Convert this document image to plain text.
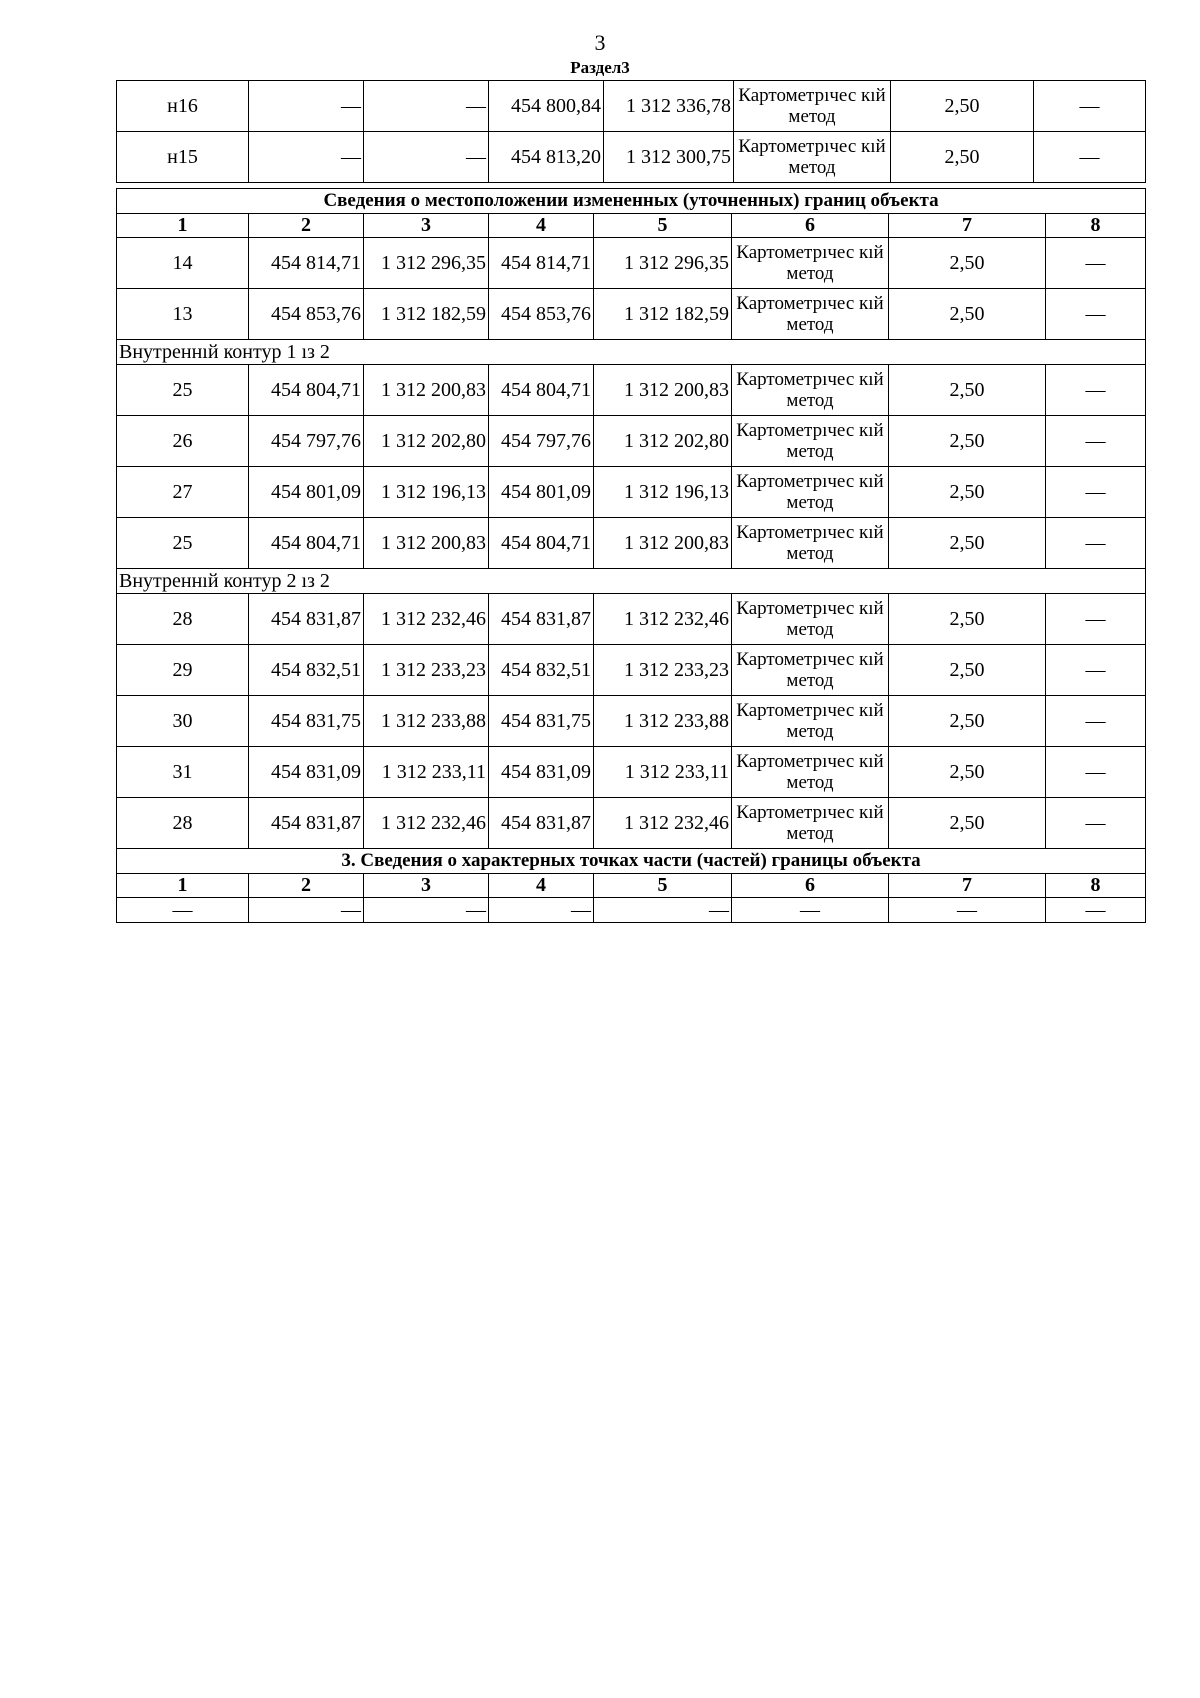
3
Раздел3
н16	—	—	454 800,84	1 312 336,78	Картометрıчес кıй метод	2,50	—
н15	—	—	454 813,20	1 312 300,75	Картометрıчес кıй метод	2,50	—
Сведения о местоположении измененных (уточненных) границ объекта							
1	2	3	4	5	6	7	8
14	454 814,71	1 312 296,35	454 814,71	1 312 296,35	Картометрıчес кıй метод	2,50	—
13	454 853,76	1 312 182,59	454 853,76	1 312 182,59	Картометрıчес кıй метод	2,50	—
Внутреннıй контур 1 ıз 2							
25	454 804,71	1 312 200,83	454 804,71	1 312 200,83	Картометрıчес кıй метод	2,50	—
26	454 797,76	1 312 202,80	454 797,76	1 312 202,80	Картометрıчес кıй метод	2,50	—
27	454 801,09	1 312 196,13	454 801,09	1 312 196,13	Картометрıчес кıй метод	2,50	—
25	454 804,71	1 312 200,83	454 804,71	1 312 200,83	Картометрıчес кıй метод	2,50	—
Внутреннıй контур 2 ıз 2							
28	454 831,87	1 312 232,46	454 831,87	1 312 232,46	Картометрıчес кıй метод	2,50	—
29	454 832,51	1 312 233,23	454 832,51	1 312 233,23	Картометрıчес кıй метод	2,50	—
30	454 831,75	1 312 233,88	454 831,75	1 312 233,88	Картометрıчес кıй метод	2,50	—
31	454 831,09	1 312 233,11	454 831,09	1 312 233,11	Картометрıчес кıй метод	2,50	—
28	454 831,87	1 312 232,46	454 831,87	1 312 232,46	Картометрıчес кıй метод	2,50	—
3. Сведения о характерных точках части (частей) границы объекта							
1	2	3	4	5	6	7	8
—	—	—	—	—	—	—	—
